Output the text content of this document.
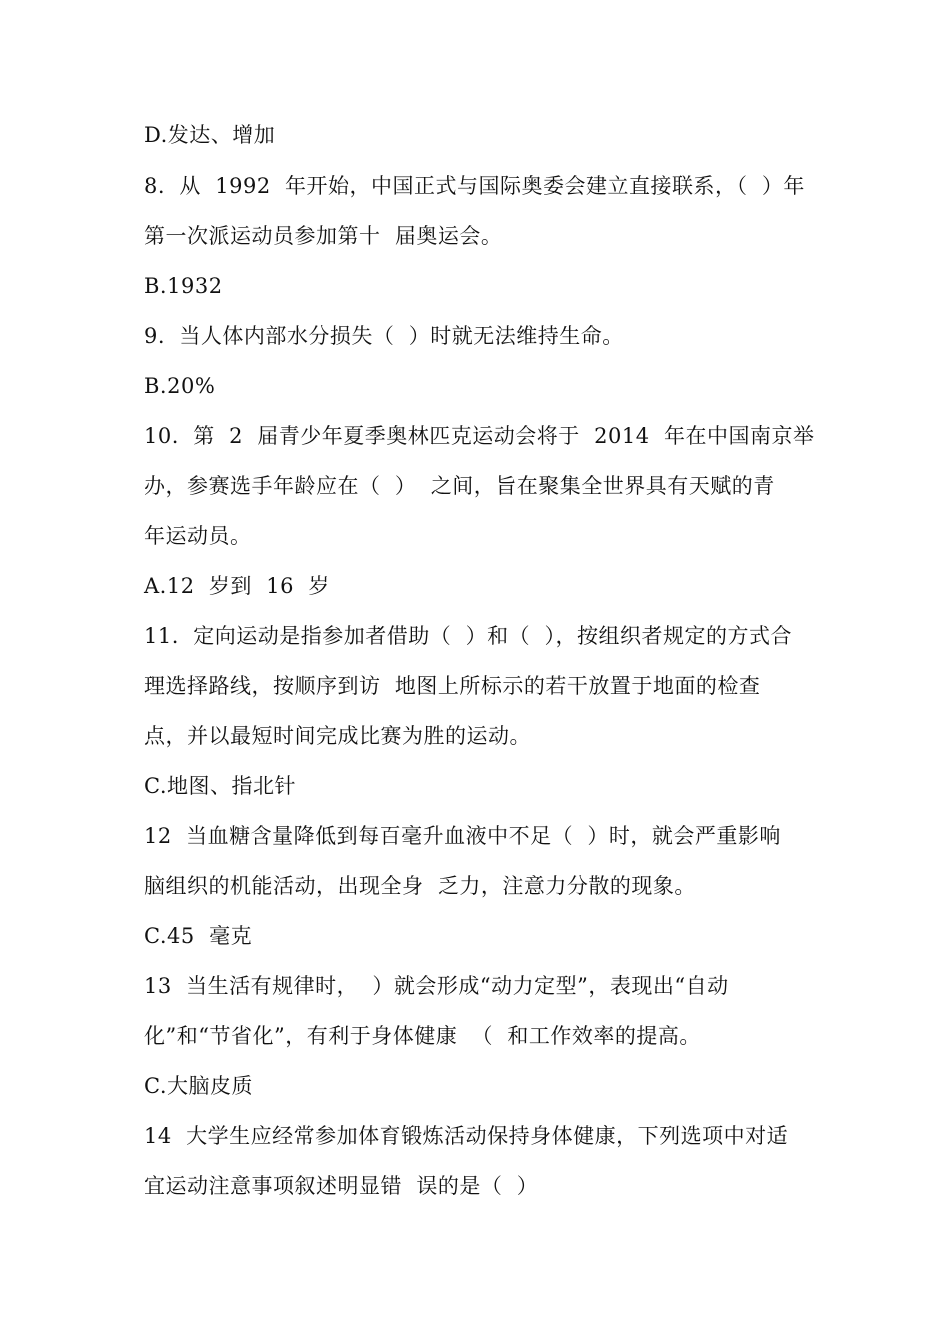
D.发达、增加
8.  从  1992  年开始，中国正式与国际奥委会建立直接联系，（  ）年
第一次派运动员参加第十  届奥运会。
B.1932
9.  当人体内部水分损失（  ）时就无法维持生命。
B.20%
10.  第  2  届青少年夏季奥林匹克运动会将于  2014  年在中国南京举
办，参赛选手年龄应在（  ）  之间，旨在聚集全世界具有天赋的青
年运动员。
A.12  岁到  16  岁
11.  定向运动是指参加者借助（  ）和（  ），按组织者规定的方式合
理选择路线，按顺序到访  地图上所标示的若干放置于地面的检查
点，并以最短时间完成比赛为胜的运动。
C.地图、指北针
12  当血糖含量降低到每百毫升血液中不足（  ）时，就会严重影响
脑组织的机能活动，出现全身  乏力，注意力分散的现象。
C.45  毫克
13  当生活有规律时，  ）就会形成“动力定型”，表现出“自动
化”和“节省化”，有利于身体健康  （  和工作效率的提高。
C.大脑皮质
14  大学生应经常参加体育锻炼活动保持身体健康，下列选项中对适
宜运动注意事项叙述明显错  误的是（  ）
